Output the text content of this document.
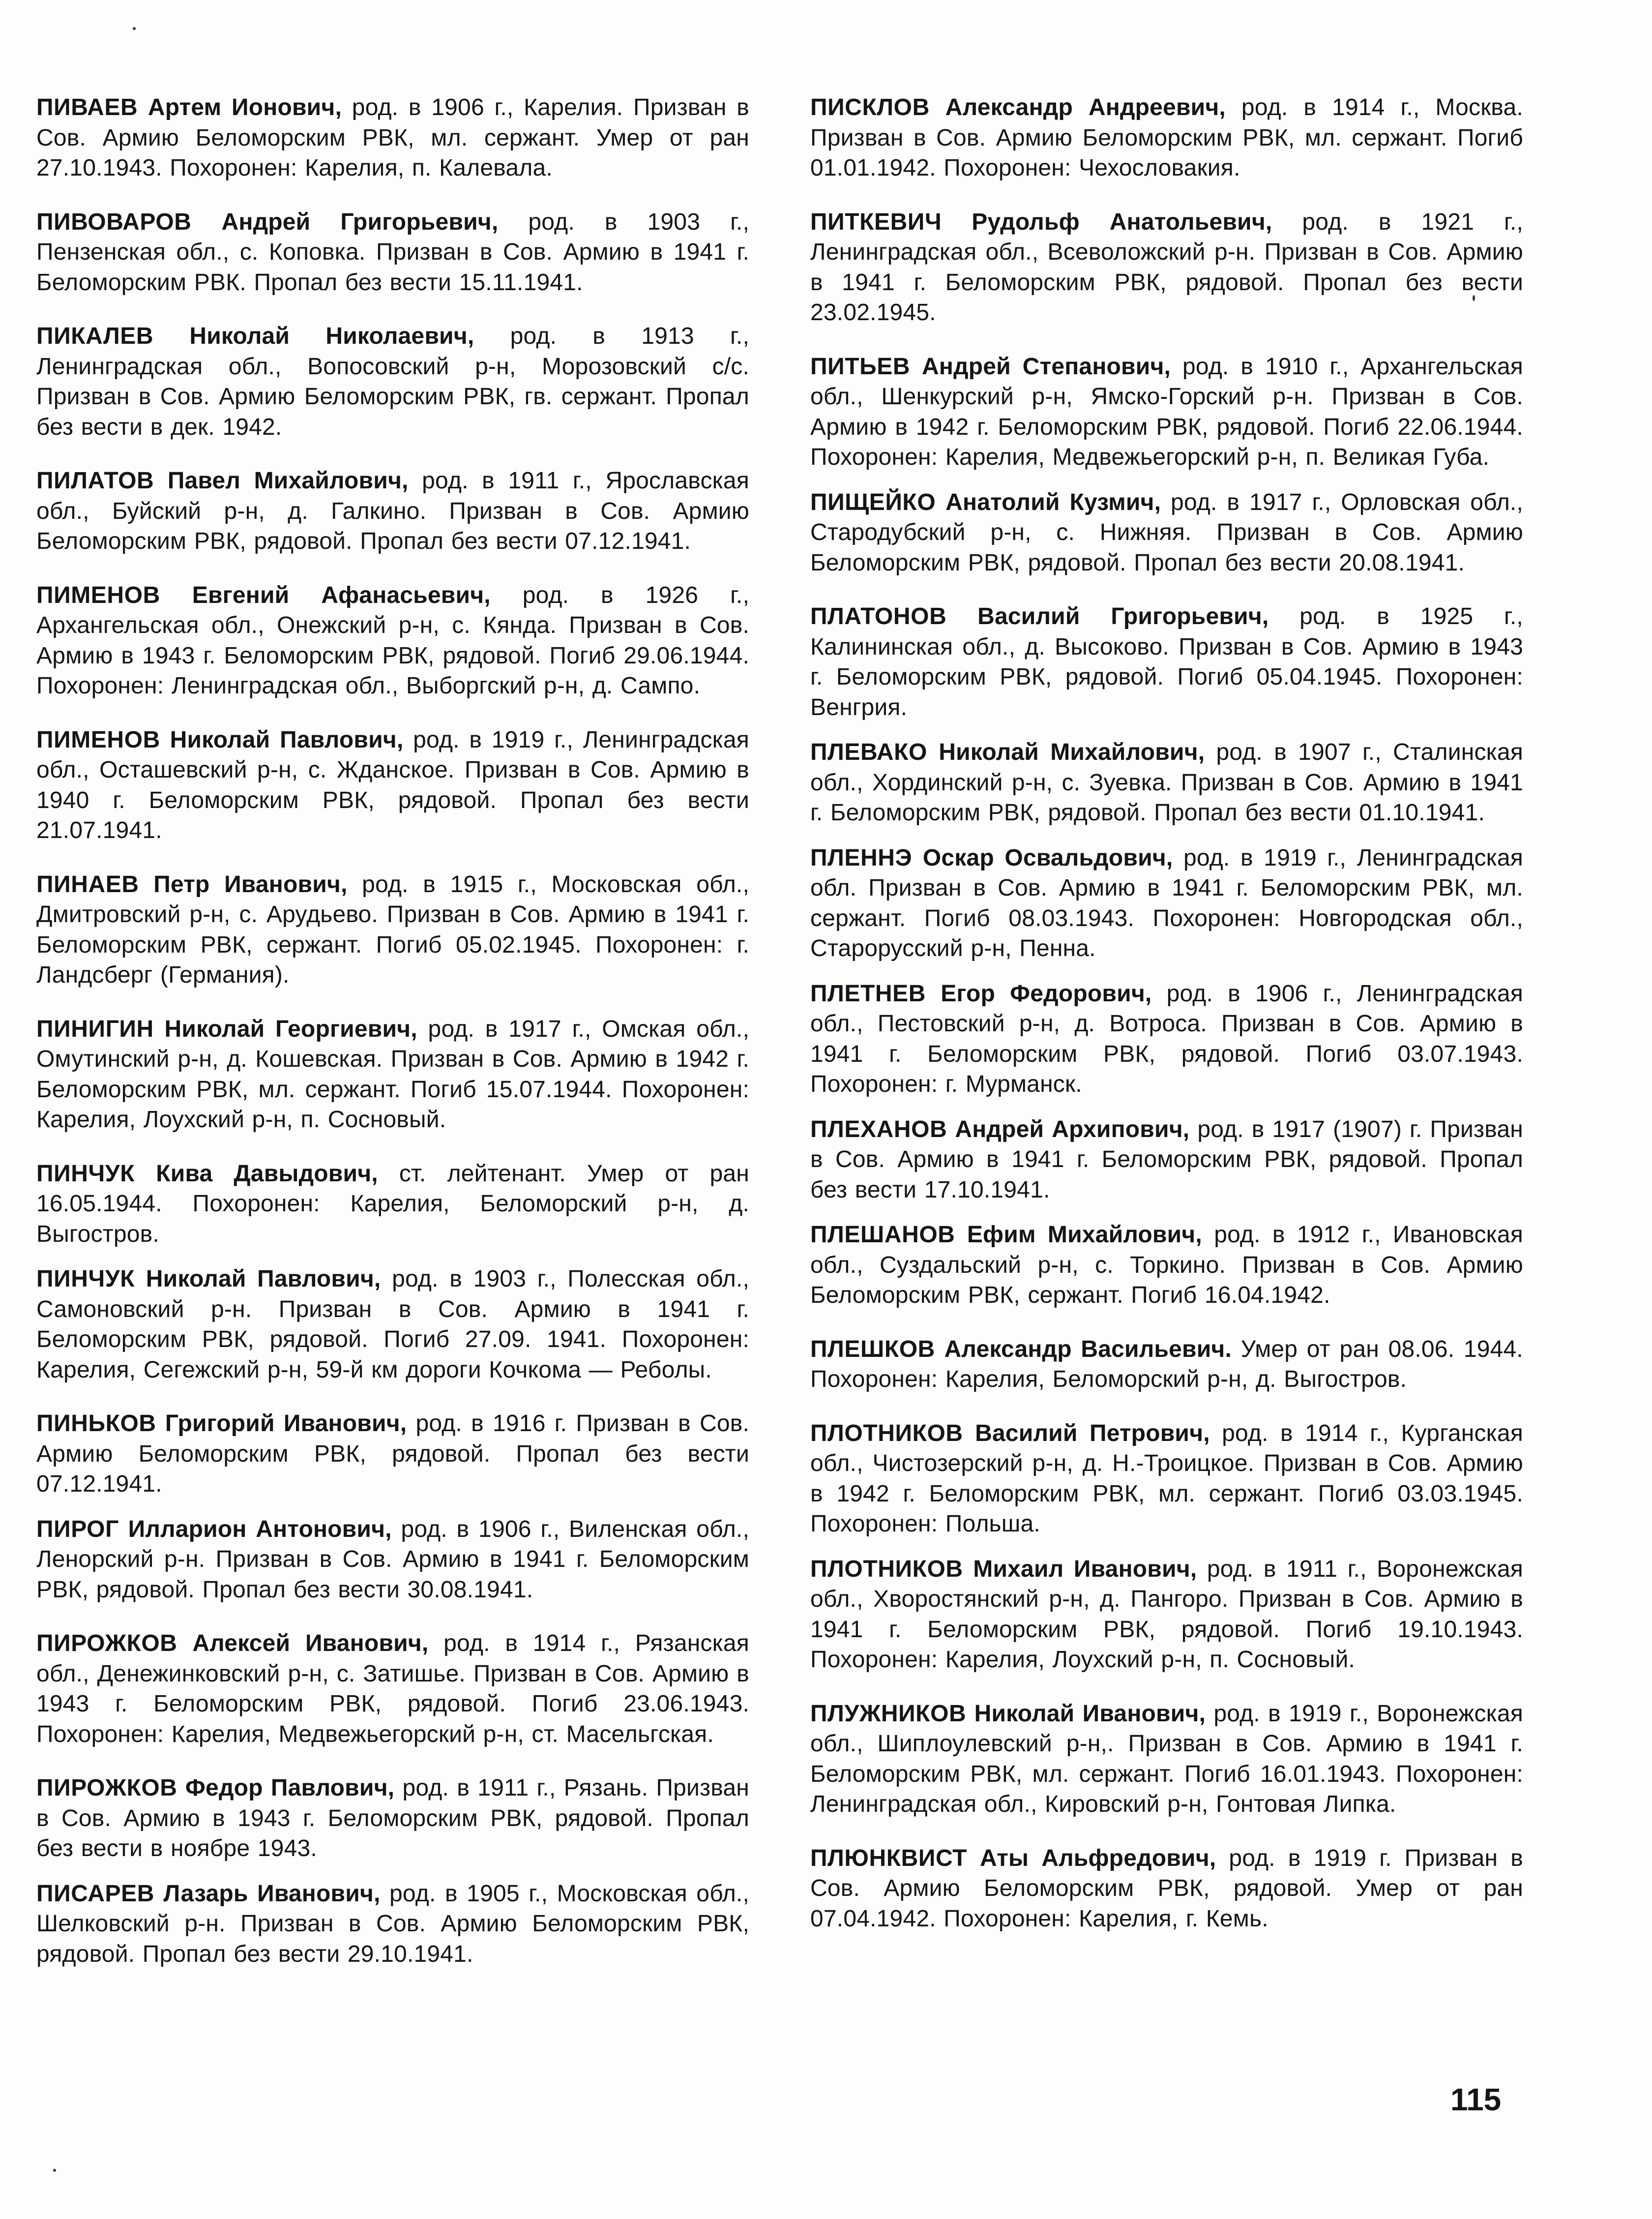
ПИВАЕВ Артем Ионович, род. в 1906 г., Карелия. Призван в Сов. Армию Беломорским РВК, мл. сержант. Умер от ран 27.10.1943. Похоронен: Карелия, п. Калевала.

ПИВОВАРОВ Андрей Григорьевич, род. в 1903 г., Пензенская обл., с. Коповка. Призван в Сов. Армию в 1941 г. Беломорским РВК. Пропал без вести 15.11.1941.

ПИКАЛЕВ Николай Николаевич, род. в 1913 г., Ленинградская обл., Вопосовский р-н, Морозовский с/с. Призван в Сов. Армию Беломорским РВК, гв. сержант. Пропал без вести в дек. 1942.

ПИЛАТОВ Павел Михайлович, род. в 1911 г., Ярославская обл., Буйский р-н, д. Галкино. Призван в Сов. Армию Беломорским РВК, рядовой. Пропал без вести 07.12.1941.

ПИМЕНОВ Евгений Афанасьевич, род. в 1926 г., Архангельская обл., Онежский р-н, с. Кянда. Призван в Сов. Армию в 1943 г. Беломорским РВК, рядовой. Погиб 29.06.1944. Похоронен: Ленинградская обл., Выборгский р-н, д. Сампо.

ПИМЕНОВ Николай Павлович, род. в 1919 г., Ленинградская обл., Осташевский р-н, с. Жданское. Призван в Сов. Армию в 1940 г. Беломорским РВК, рядовой. Пропал без вести 21.07.1941.

ПИНАЕВ Петр Иванович, род. в 1915 г., Московская обл., Дмитровский р-н, с. Арудьево. Призван в Сов. Армию в 1941 г. Беломорским РВК, сержант. Погиб 05.02.1945. Похоронен: г. Ландсберг (Германия).

ПИНИГИН Николай Георгиевич, род. в 1917 г., Омская обл., Омутинский р-н, д. Кошевская. Призван в Сов. Армию в 1942 г. Беломорским РВК, мл. сержант. Погиб 15.07.1944. Похоронен: Карелия, Лоухский р-н, п. Сосновый.

ПИНЧУК Кива Давыдович, ст. лейтенант. Умер от ран 16.05.1944. Похоронен: Карелия, Беломорский р-н, д. Выгостров.

ПИНЧУК Николай Павлович, род. в 1903 г., Полесская обл., Самоновский р-н. Призван в Сов. Армию в 1941 г. Беломорским РВК, рядовой. Погиб 27.09. 1941. Похоронен: Карелия, Сегежский р-н, 59-й км дороги Кочкома — Реболы.

ПИНЬКОВ Григорий Иванович, род. в 1916 г. Призван в Сов. Армию Беломорским РВК, рядовой. Пропал без вести 07.12.1941.

ПИРОГ Илларион Антонович, род. в 1906 г., Виленская обл., Ленорский р-н. Призван в Сов. Армию в 1941 г. Беломорским РВК, рядовой. Пропал без вести 30.08.1941.

ПИРОЖКОВ Алексей Иванович, род. в 1914 г., Рязанская обл., Денежинковский р-н, с. Затишье. Призван в Сов. Армию в 1943 г. Беломорским РВК, рядовой. Погиб 23.06.1943. Похоронен: Карелия, Медвежьегорский р-н, ст. Масельгская.

ПИРОЖКОВ Федор Павлович, род. в 1911 г., Рязань. Призван в Сов. Армию в 1943 г. Беломорским РВК, рядовой. Пропал без вести в ноябре 1943.

ПИСАРЕВ Лазарь Иванович, род. в 1905 г., Московская обл., Шелковский р-н. Призван в Сов. Армию Беломорским РВК, рядовой. Пропал без вести 29.10.1941.

ПИСКЛОВ Александр Андреевич, род. в 1914 г., Москва. Призван в Сов. Армию Беломорским РВК, мл. сержант. Погиб 01.01.1942. Похоронен: Чехословакия.

ПИТКЕВИЧ Рудольф Анатольевич, род. в 1921 г., Ленинградская обл., Всеволожский р-н. Призван в Сов. Армию в 1941 г. Беломорским РВК, рядовой. Пропал без вести 23.02.1945.

ПИТЬЕВ Андрей Степанович, род. в 1910 г., Архангельская обл., Шенкурский р-н, Ямско-Горский р-н. Призван в Сов. Армию в 1942 г. Беломорским РВК, рядовой. Погиб 22.06.1944. Похоронен: Карелия, Медвежьегорский р-н, п. Великая Губа.

ПИЩЕЙКО Анатолий Кузмич, род. в 1917 г., Орловская обл., Стародубский р-н, с. Нижняя. Призван в Сов. Армию Беломорским РВК, рядовой. Пропал без вести 20.08.1941.

ПЛАТОНОВ Василий Григорьевич, род. в 1925 г., Калининская обл., д. Высоково. Призван в Сов. Армию в 1943 г. Беломорским РВК, рядовой. Погиб 05.04.1945. Похоронен: Венгрия.

ПЛЕВАКО Николай Михайлович, род. в 1907 г., Сталинская обл., Хординский р-н, с. Зуевка. Призван в Сов. Армию в 1941 г. Беломорским РВК, рядовой. Пропал без вести 01.10.1941.

ПЛЕННЭ Оскар Освальдович, род. в 1919 г., Ленинградская обл. Призван в Сов. Армию в 1941 г. Беломорским РВК, мл. сержант. Погиб 08.03.1943. Похоронен: Новгородская обл., Старорусский р-н, Пенна.

ПЛЕТНЕВ Егор Федорович, род. в 1906 г., Ленинградская обл., Пестовский р-н, д. Вотроса. Призван в Сов. Армию в 1941 г. Беломорским РВК, рядовой. Погиб 03.07.1943. Похоронен: г. Мурманск.

ПЛЕХАНОВ Андрей Архипович, род. в 1917 (1907) г. Призван в Сов. Армию в 1941 г. Беломорским РВК, рядовой. Пропал без вести 17.10.1941.

ПЛЕШАНОВ Ефим Михайлович, род. в 1912 г., Ивановская обл., Суздальский р-н, с. Торкино. Призван в Сов. Армию Беломорским РВК, сержант. Погиб 16.04.1942.

ПЛЕШКОВ Александр Васильевич. Умер от ран 08.06. 1944. Похоронен: Карелия, Беломорский р-н, д. Выгостров.

ПЛОТНИКОВ Василий Петрович, род. в 1914 г., Курганская обл., Чистозерский р-н, д. Н.-Троицкое. Призван в Сов. Армию в 1942 г. Беломорским РВК, мл. сержант. Погиб 03.03.1945. Похоронен: Польша.

ПЛОТНИКОВ Михаил Иванович, род. в 1911 г., Воронежская обл., Хворостянский р-н, д. Пангоро. Призван в Сов. Армию в 1941 г. Беломорским РВК, рядовой. Погиб 19.10.1943. Похоронен: Карелия, Лоухский р-н, п. Сосновый.

ПЛУЖНИКОВ Николай Иванович, род. в 1919 г., Воронежская обл., Шиплоулевский р-н,. Призван в Сов. Армию в 1941 г. Беломорским РВК, мл. сержант. Погиб 16.01.1943. Похоронен: Ленинградская обл., Кировский р-н, Гонтовая Липка.

ПЛЮНКВИСТ Аты Альфредович, род. в 1919 г. Призван в Сов. Армию Беломорским РВК, рядовой. Умер от ран 07.04.1942. Похоронен: Карелия, г. Кемь.

115
